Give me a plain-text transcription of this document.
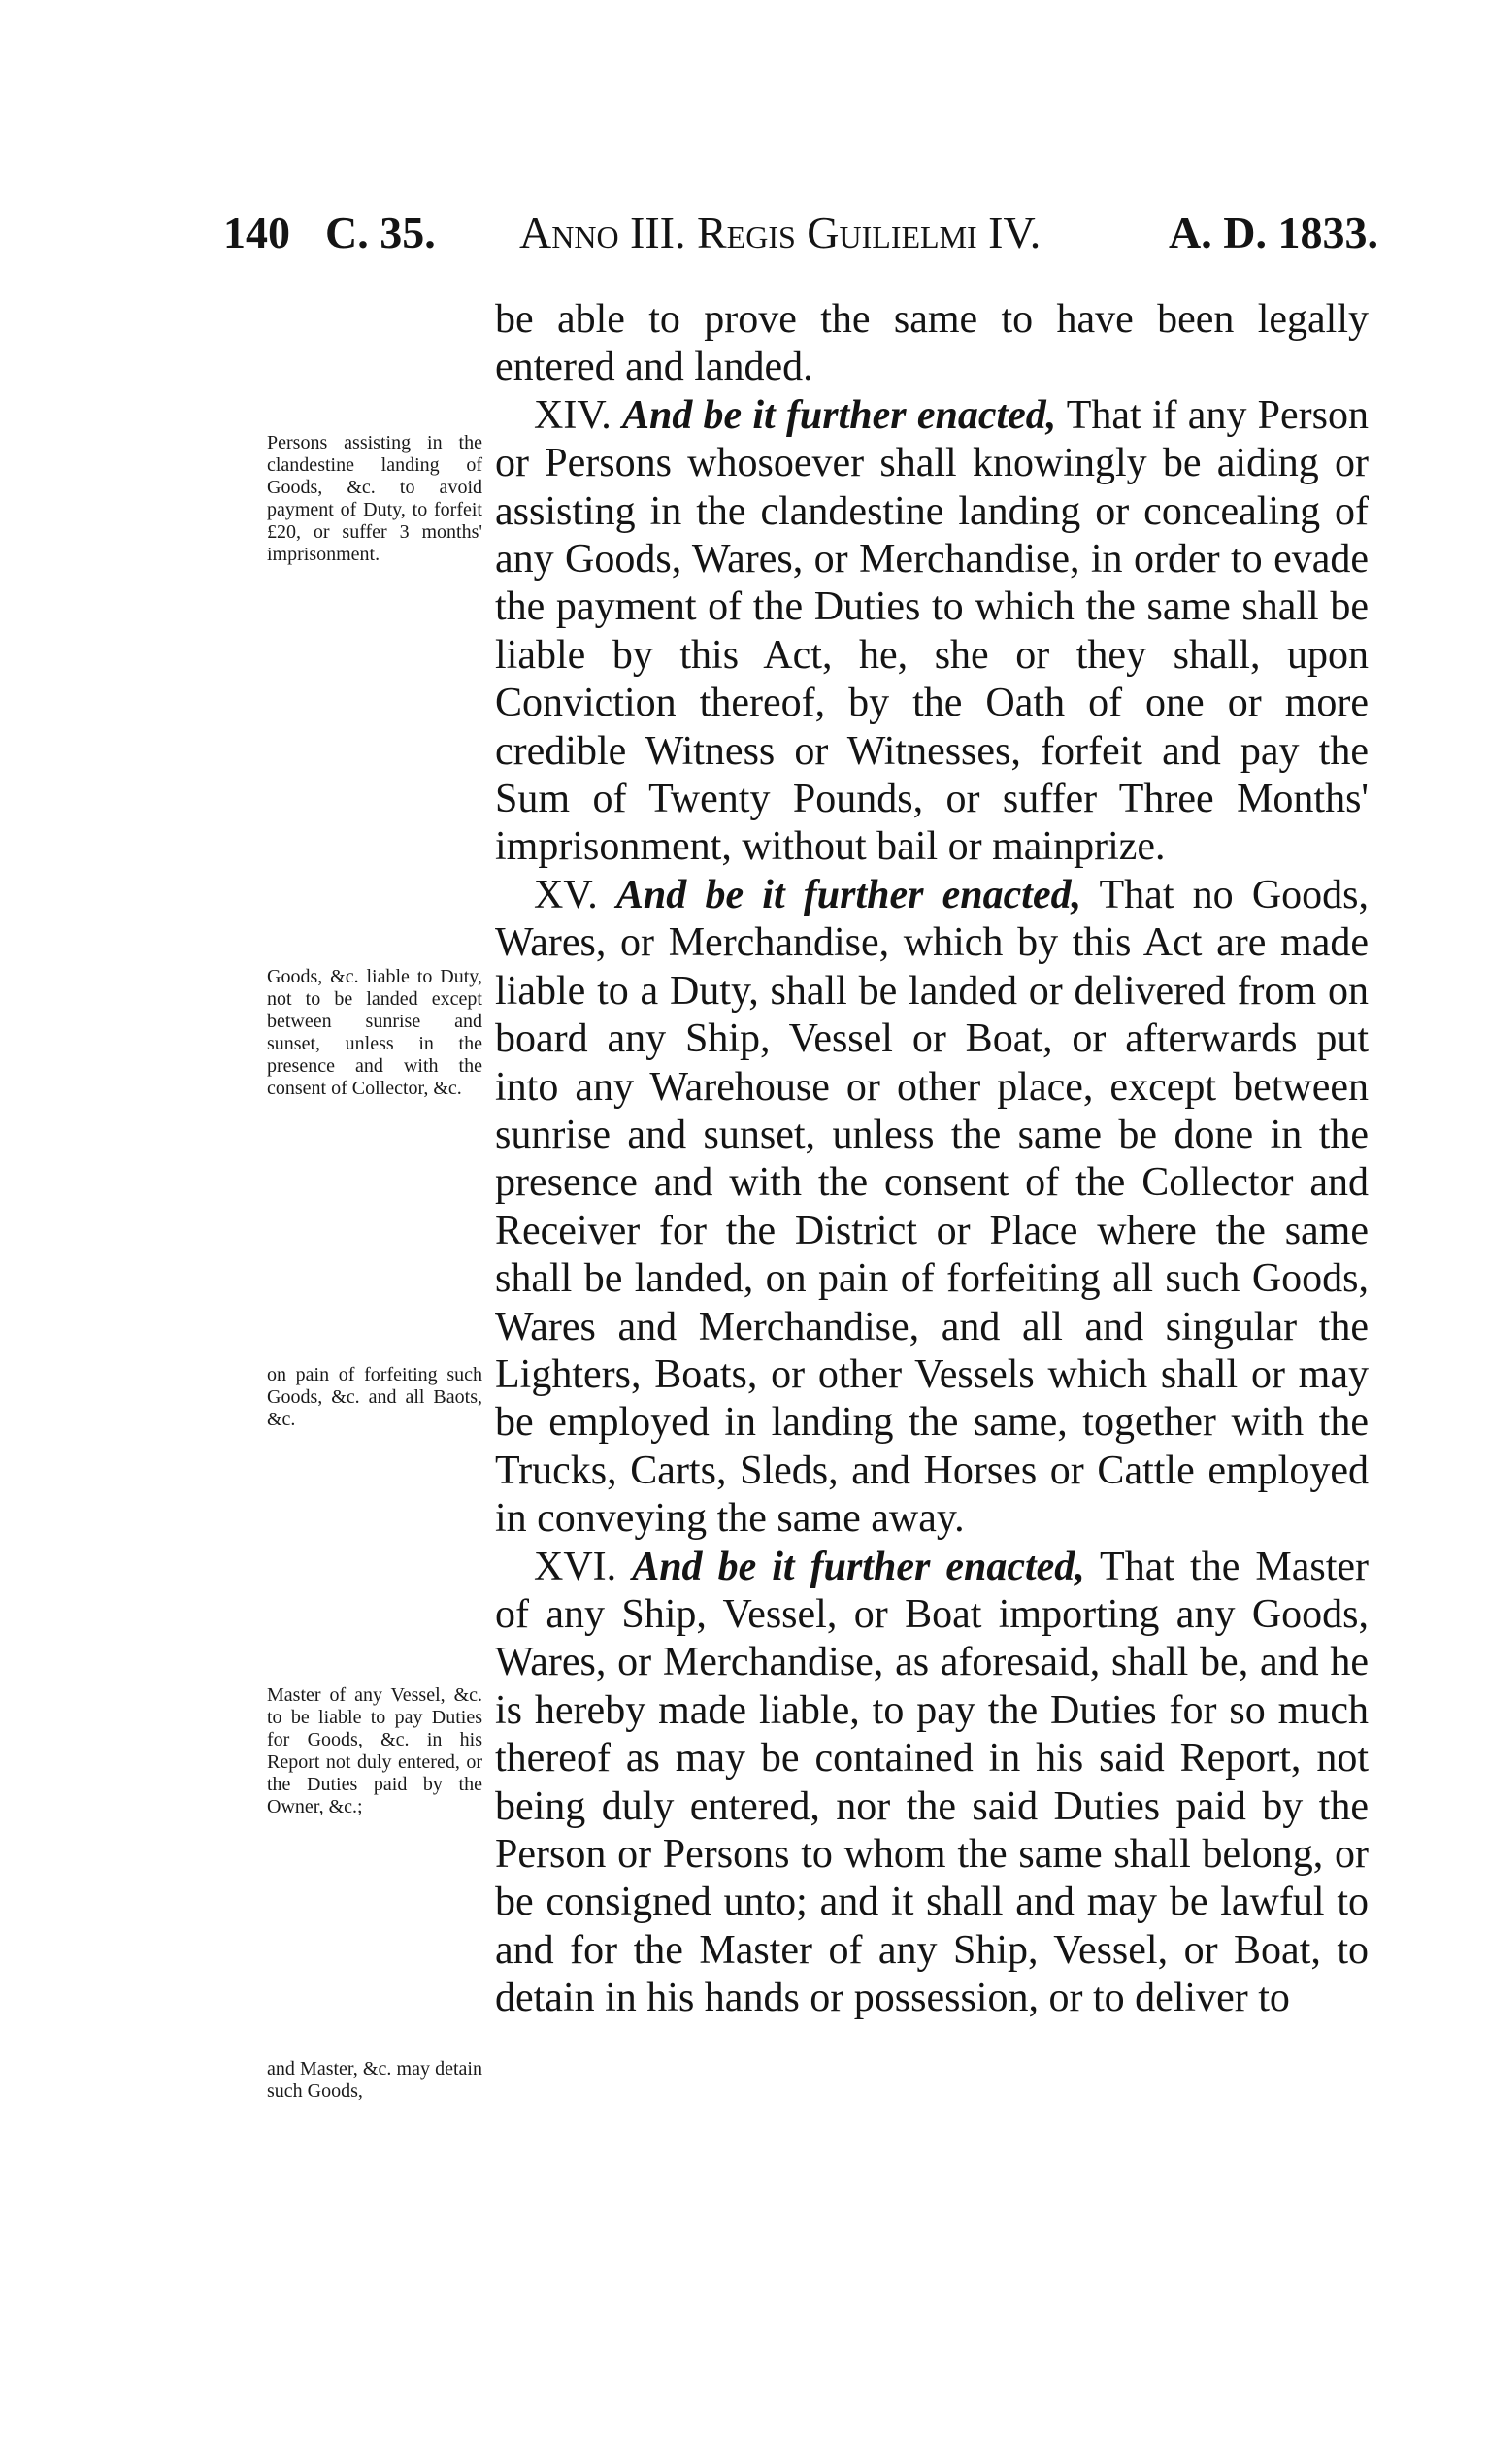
140 C. 35. Anno III. Regis Guilielmi IV.	A. D. 1833.

be able to prove the same to have been legally entered and landed.

XIV. And be it further enacted, That if any Person or Persons whosoever shall knowingly be aiding or assisting in the clandestine landing or concealing of any Goods, Wares, or Merchandise, in order to evade the payment of the Duties to which the same shall be liable by this Act, he, she or they shall, upon Conviction thereof, by the Oath of one or more credible Witness or Witnesses, forfeit and pay the Sum of Twenty Pounds, or suffer Three Months' imprisonment, without bail or mainprize.

XV. And be it further enacted, That no Goods, Wares, or Merchandise, which by this Act are made liable to a Duty, shall be landed or delivered from on board any Ship, Vessel or Boat, or afterwards put into any Warehouse or other place, except between sunrise and sunset, unless the same be done in the presence and with the consent of the Collector and Receiver for the District or Place where the same shall be landed, on pain of forfeiting all such Goods, Wares and Merchandise, and all and singular the Lighters, Boats, or other Vessels which shall or may be employed in landing the same, together with the Trucks, Carts, Sleds, and Horses or Cattle employed in conveying the same away.

XVI. And be it further enacted, That the Master of any Ship, Vessel, or Boat importing any Goods, Wares, or Merchandise, as aforesaid, shall be, and he is hereby made liable, to pay the Duties for so much thereof as may be contained in his said Report, not being duly entered, nor the said Duties paid by the Person or Persons to whom the same shall belong, or be consigned unto; and it shall and may be lawful to and for the Master of any Ship, Vessel, or Boat, to detain in his hands or possession, or to deliver to

Persons assisting in the clandestine landing of Goods, &c. to avoid payment of Duty, to forfeit £20, or suffer 3 months' imprisonment.
Goods, &c. liable to Duty, not to be landed except between sunrise and sunset, unless in the presence and with the consent of Collector, &c.
on pain of forfeiting such Goods, &c. and all Baots, &c.
Master of any Vessel, &c. to be liable to pay Duties for Goods, &c. in his Report not duly entered, or the Duties paid by the Owner, &c.;
and Master, &c. may detain such Goods,
